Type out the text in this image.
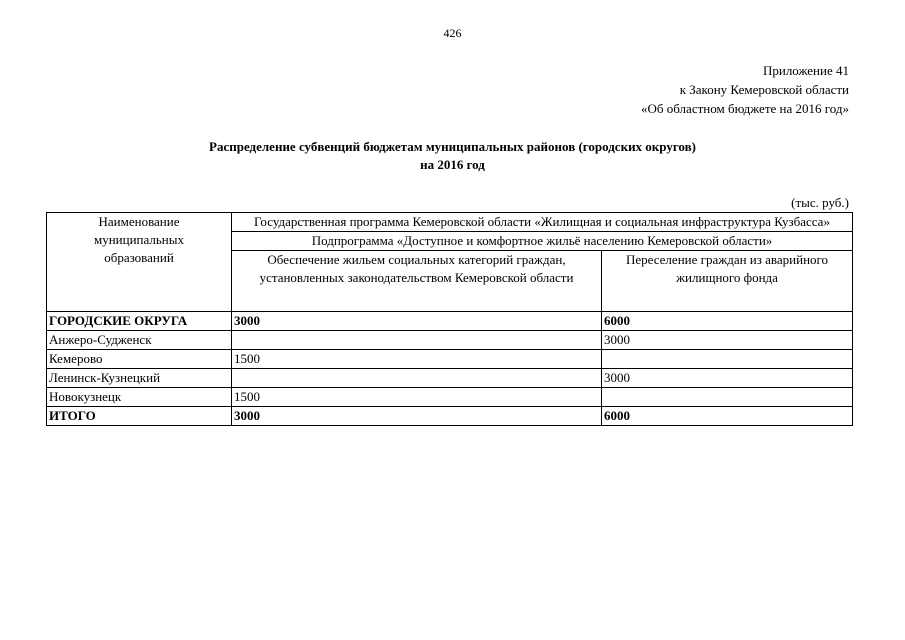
426
Приложение 41
к Закону Кемеровской области
«Об областном бюджете на 2016 год»
Распределение субвенций бюджетам муниципальных районов (городских округов)
на 2016 год
(тыс. руб.)
Наименование муниципальных образований	Государственная программа Кемеровской области «Жилищная и социальная инфраструктура Кузбасса»	
	Подпрограмма «Доступное и комфортное жильё населению Кемеровской области»	
	Обеспечение жильем социальных категорий граждан, установленных законодательством Кемеровской области	Переселение граждан из аварийного жилищного фонда
ГОРОДСКИЕ ОКРУГА	3000	6000
Анжеро-Судженск		3000
Кемерово	1500	
Ленинск-Кузнецкий		3000
Новокузнецк	1500	
ИТОГО	3000	6000
